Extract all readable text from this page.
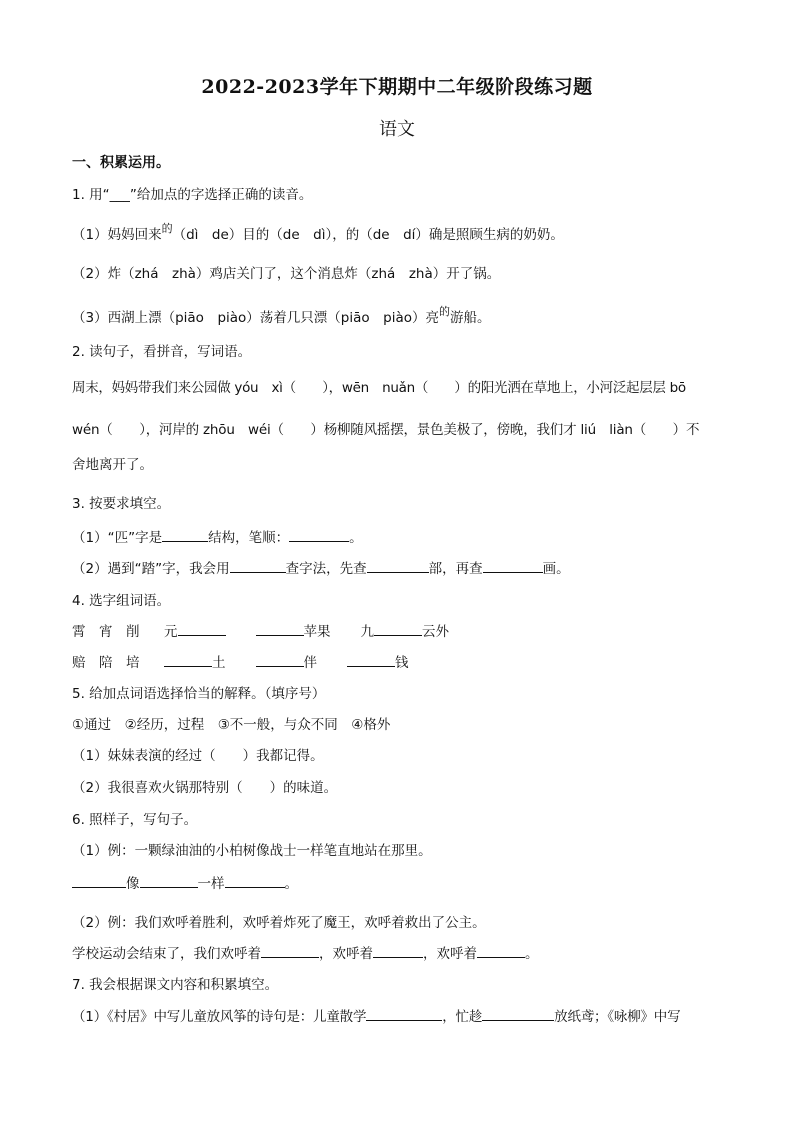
2022-2023学年下期期中二年级阶段练习题
语文
一、积累运用。
1. 用“___”给加点的字选择正确的读音。
（1）妈妈回来的（dì　de）目的（de　dì），的（de　dí）确是照顾生病的奶奶。
（2）炸（zhá　zhà）鸡店关门了，这个消息炸（zhá　zhà）开了锅。
（3）西湖上漂（piāo　piào）荡着几只漂（piāo　piào）亮的游船。
2. 读句子，看拼音，写词语。
周末，妈妈带我们来公园做 yóu　xì（　　），wēn　nuǎn（　　）的阳光洒在草地上，小河泛起层层 bō
wén（　　），河岸的 zhōu　wéi（　　）杨柳随风摇摆，景色美极了，傍晚，我们才 liú　liàn（　　）不
舍地离开了。
3. 按要求填空。
（1）“匹”字是	结构，笔顺：	。
（2）遇到“踏”字，我会用	查字法，先查	部，再查	画。
4. 选字组词语。
霄　宵　削 元	苹果 九	云外
赔　陪　培	土	伴	钱
5. 给加点词语选择恰当的解释。（填序号）
①通过　②经历，过程　③不一般，与众不同　④格外
（1）妹妹表演的经过（　　）我都记得。
（2）我很喜欢火锅那特别（　　）的味道。
6. 照样子，写句子。
（1）例：一颗绿油油的小柏树像战士一样笔直地站在那里。
像	一样	。
（2）例：我们欢呼着胜利，欢呼着炸死了魔王，欢呼着救出了公主。
学校运动会结束了，我们欢呼着	，欢呼着	，欢呼着	。
7. 我会根据课文内容和积累填空。
（1）《村居》中写儿童放风筝的诗句是：儿童散学	，忙趁	放纸鸢；《咏柳》中写
